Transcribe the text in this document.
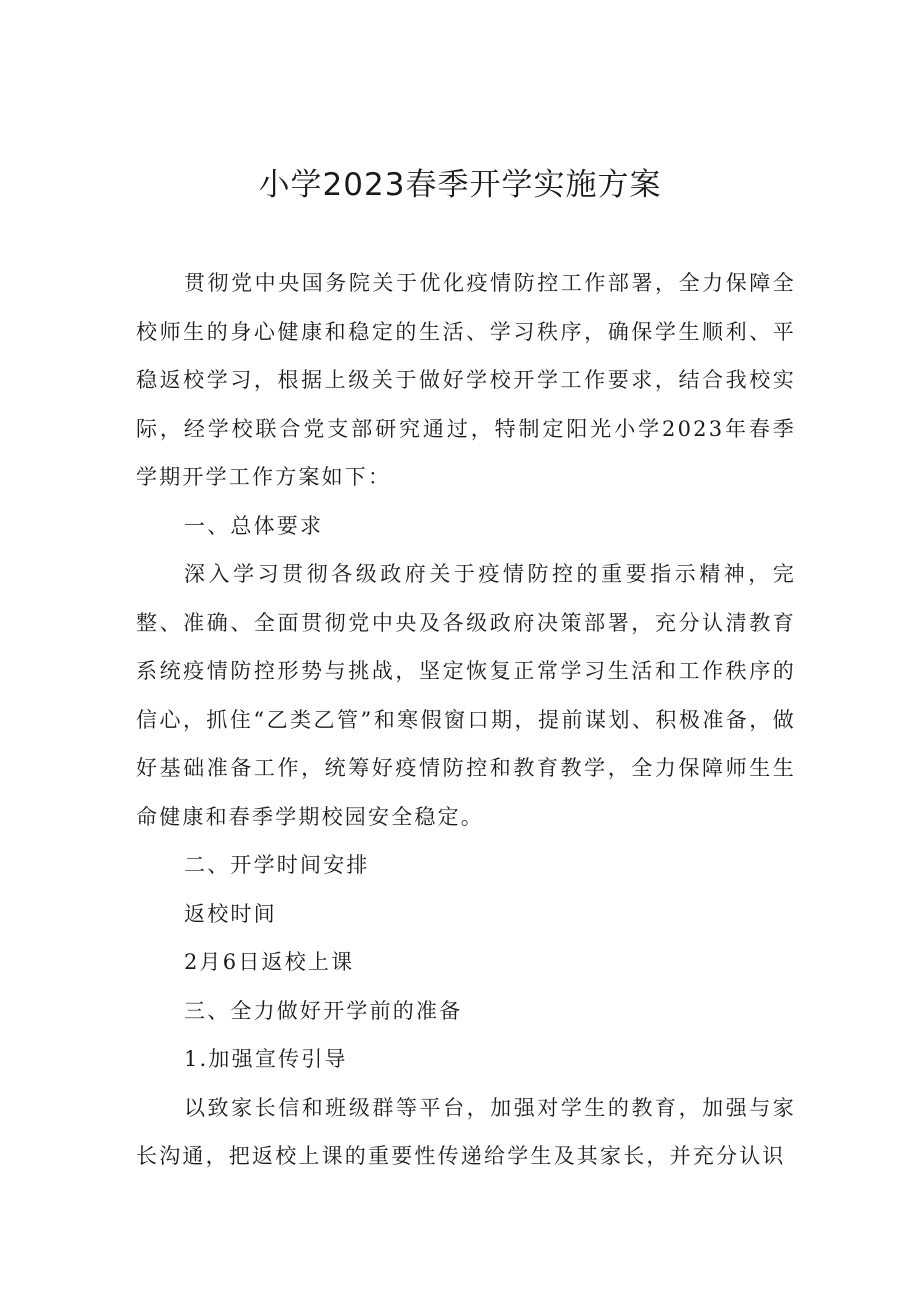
小学2023春季开学实施方案

贯彻党中央国务院关于优化疫情防控工作部署，全力保障全校师生的身心健康和稳定的生活、学习秩序，确保学生顺利、平稳返校学习，根据上级关于做好学校开学工作要求，结合我校实际，经学校联合党支部研究通过，特制定阳光小学2023年春季学期开学工作方案如下：

一、总体要求

深入学习贯彻各级政府关于疫情防控的重要指示精神，完整、准确、全面贯彻党中央及各级政府决策部署，充分认清教育系统疫情防控形势与挑战，坚定恢复正常学习生活和工作秩序的信心，抓住“乙类乙管”和寒假窗口期，提前谋划、积极准备，做好基础准备工作，统筹好疫情防控和教育教学，全力保障师生生命健康和春季学期校园安全稳定。

二、开学时间安排

返校时间

2月6日返校上课

三、全力做好开学前的准备

1.加强宣传引导

以致家长信和班级群等平台，加强对学生的教育，加强与家长沟通，把返校上课的重要性传递给学生及其家长，并充分认识
